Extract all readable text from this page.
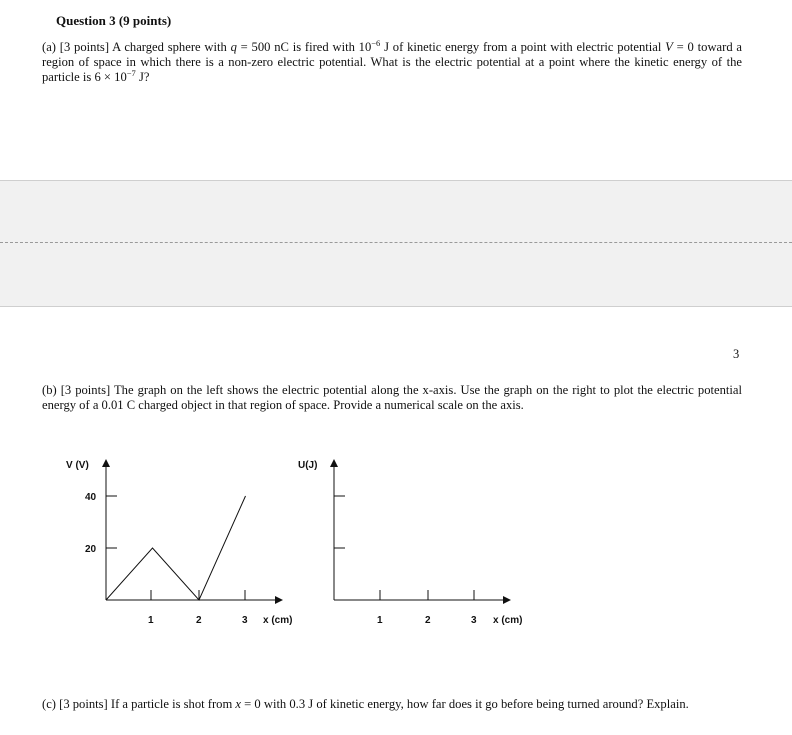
Question 3 (9 points)

(a) [3 points] A charged sphere with q = 500 nC is fired with $10^{-6}$ J of kinetic energy from a point with electric potential V = 0 toward a region of space in which there is a non-zero electric potential. What is the electric potential at a point where the kinetic energy of the particle is $6 \times 10^{-7}$ J?

3

(b) [3 points] The graph on the left shows the electric potential along the x-axis. Use the graph on the right to plot the electric potential energy of a 0.01 C charged object in that region of space. Provide a numerical scale on the axis.

V (V)
x (cm)
40
20
1	2	3
U(J)
x (cm)
1	2	3

(c) [3 points] If a particle is shot from x = 0 with 0.3 J of kinetic energy, how far does it go before being turned around? Explain.
